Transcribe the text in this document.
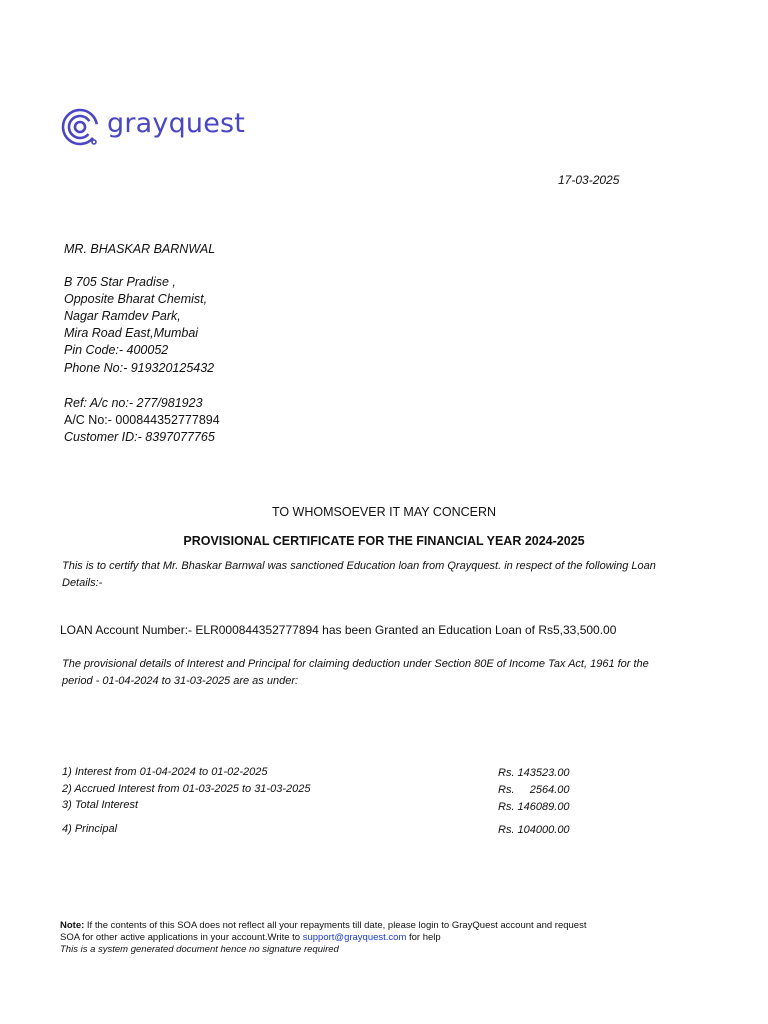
grayquest
17-03-2025
MR. BHASKAR BARNWAL
B 705 Star Pradise ,
Opposite Bharat Chemist,
Nagar Ramdev Park,
Mira Road East,Mumbai
Pin Code:- 400052
Phone No:- 919320125432
Ref: A/c no:- 277/981923
A/C No:- 000844352777894
Customer ID:- 8397077765
TO WHOMSOEVER IT MAY CONCERN
PROVISIONAL CERTIFICATE FOR THE FINANCIAL YEAR 2024-2025
This is to certify that Mr. Bhaskar Barnwal was sanctioned Education loan from Qrayquest. in respect of the following Loan Details:-
LOAN Account Number:- ELR000844352777894 has been Granted an Education Loan of Rs5,33,500.00
The provisional details of Interest and Principal for claiming deduction under Section 80E of Income Tax Act, 1961 for the period - 01-04-2024 to 31-03-2025 are as under:
1) Interest from 01-04-2024 to 01-02-2025	Rs. 143523.00
2) Accrued Interest from 01-03-2025 to 31-03-2025	Rs.     2564.00
3) Total Interest	Rs. 146089.00
4) Principal	Rs. 104000.00
Note: If the contents of this SOA does not reflect all your repayments till date, please login to GrayQuest account and request
SOA for other active applications in your account.Write to support@grayquest.com for help
This is a system generated document hence no signature required
